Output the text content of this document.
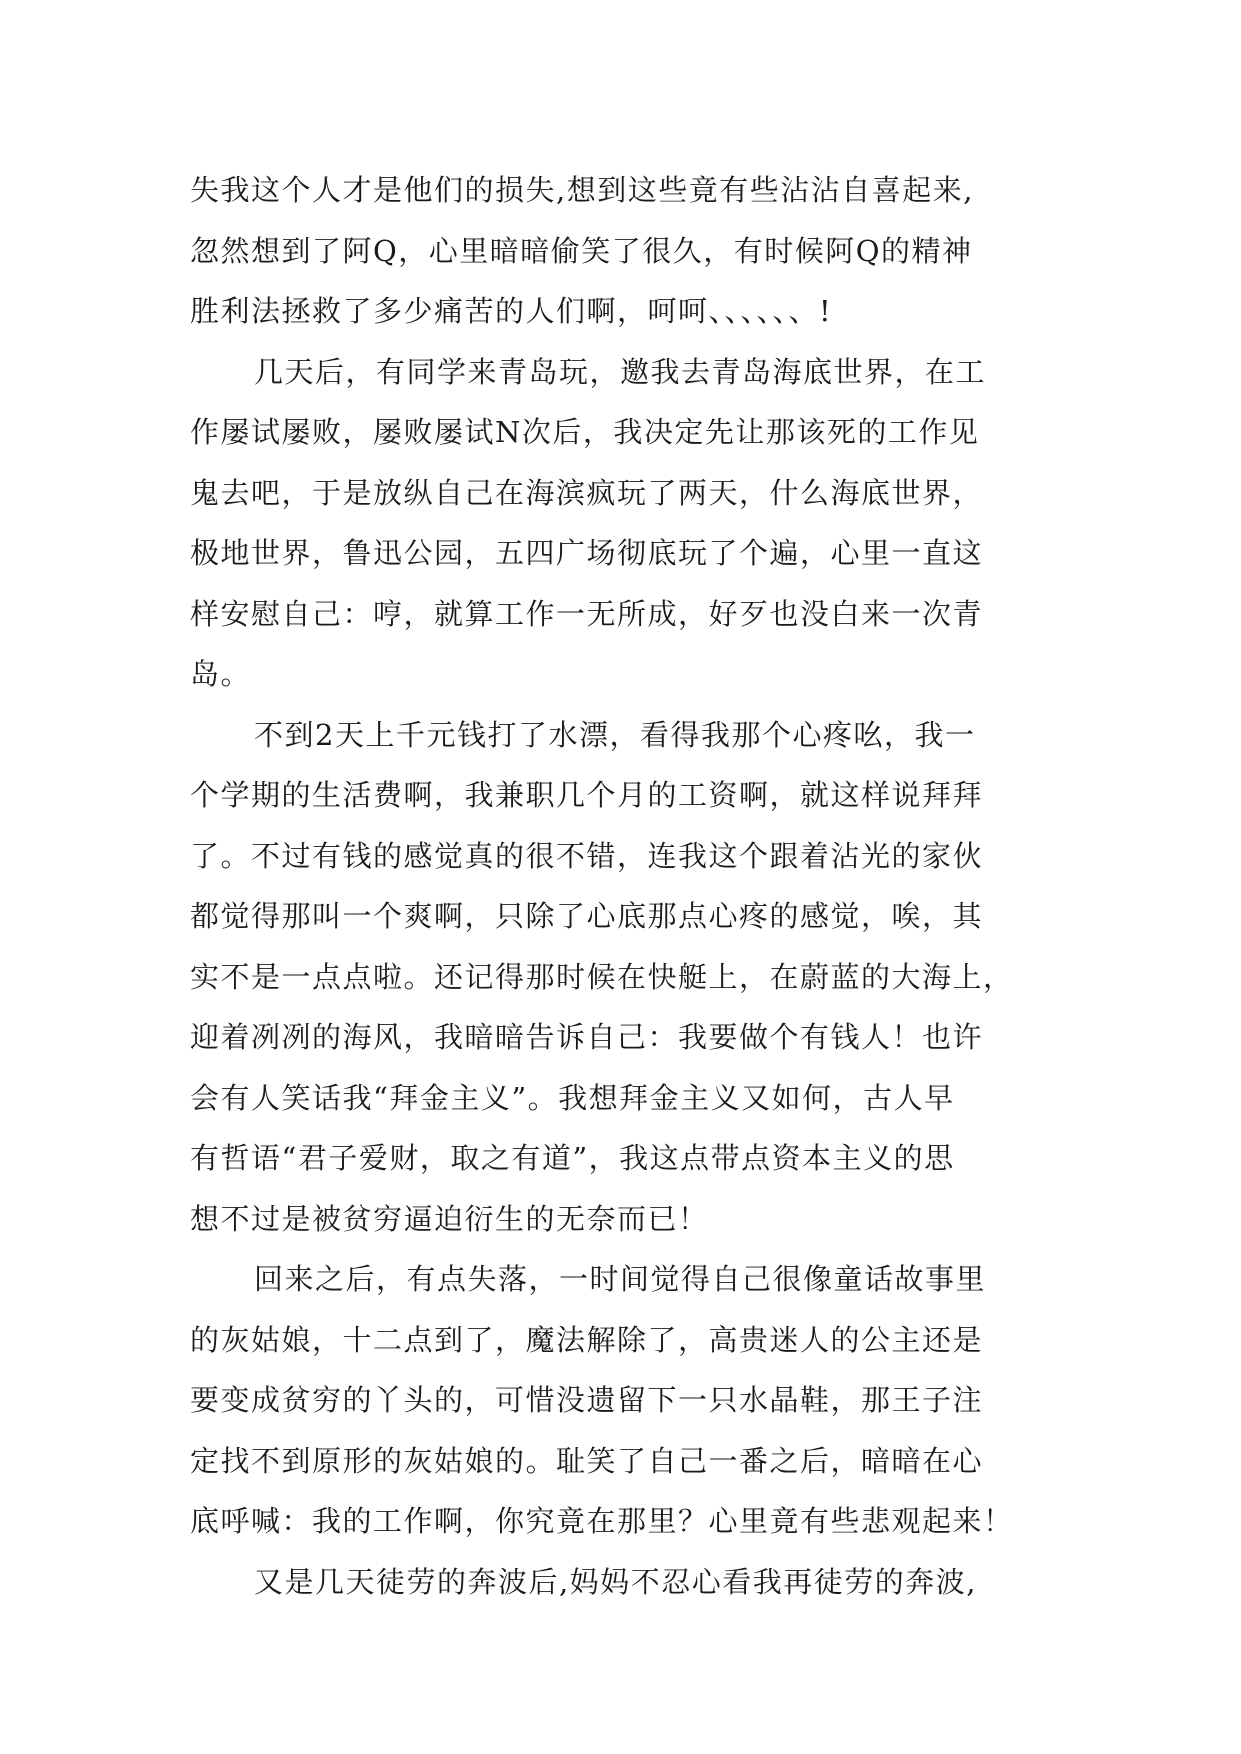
失我这个人才是他们的损失,想到这些竟有些沾沾自喜起来,
忽然想到了阿Q，心里暗暗偷笑了很久，有时候阿Q的精神
胜利法拯救了多少痛苦的人们啊，呵呵、、、、、、!
几天后，有同学来青岛玩，邀我去青岛海底世界，在工
作屡试屡败，屡败屡试N次后，我决定先让那该死的工作见
鬼去吧，于是放纵自己在海滨疯玩了两天，什么海底世界，
极地世界，鲁迅公园，五四广场彻底玩了个遍，心里一直这
样安慰自己：哼，就算工作一无所成，好歹也没白来一次青
岛。
不到2天上千元钱打了水漂，看得我那个心疼吆，我一
个学期的生活费啊，我兼职几个月的工资啊，就这样说拜拜
了。不过有钱的感觉真的很不错，连我这个跟着沾光的家伙
都觉得那叫一个爽啊，只除了心底那点心疼的感觉，唉，其
实不是一点点啦。还记得那时候在快艇上，在蔚蓝的大海上，
迎着冽冽的海风，我暗暗告诉自己：我要做个有钱人！也许
会有人笑话我“拜金主义”。我想拜金主义又如何，古人早
有哲语“君子爱财，取之有道”，我这点带点资本主义的思
想不过是被贫穷逼迫衍生的无奈而已！
回来之后，有点失落，一时间觉得自己很像童话故事里
的灰姑娘，十二点到了，魔法解除了，高贵迷人的公主还是
要变成贫穷的丫头的，可惜没遗留下一只水晶鞋，那王子注
定找不到原形的灰姑娘的。耻笑了自己一番之后，暗暗在心
底呼喊：我的工作啊，你究竟在那里？心里竟有些悲观起来！
又是几天徒劳的奔波后,妈妈不忍心看我再徒劳的奔波,
